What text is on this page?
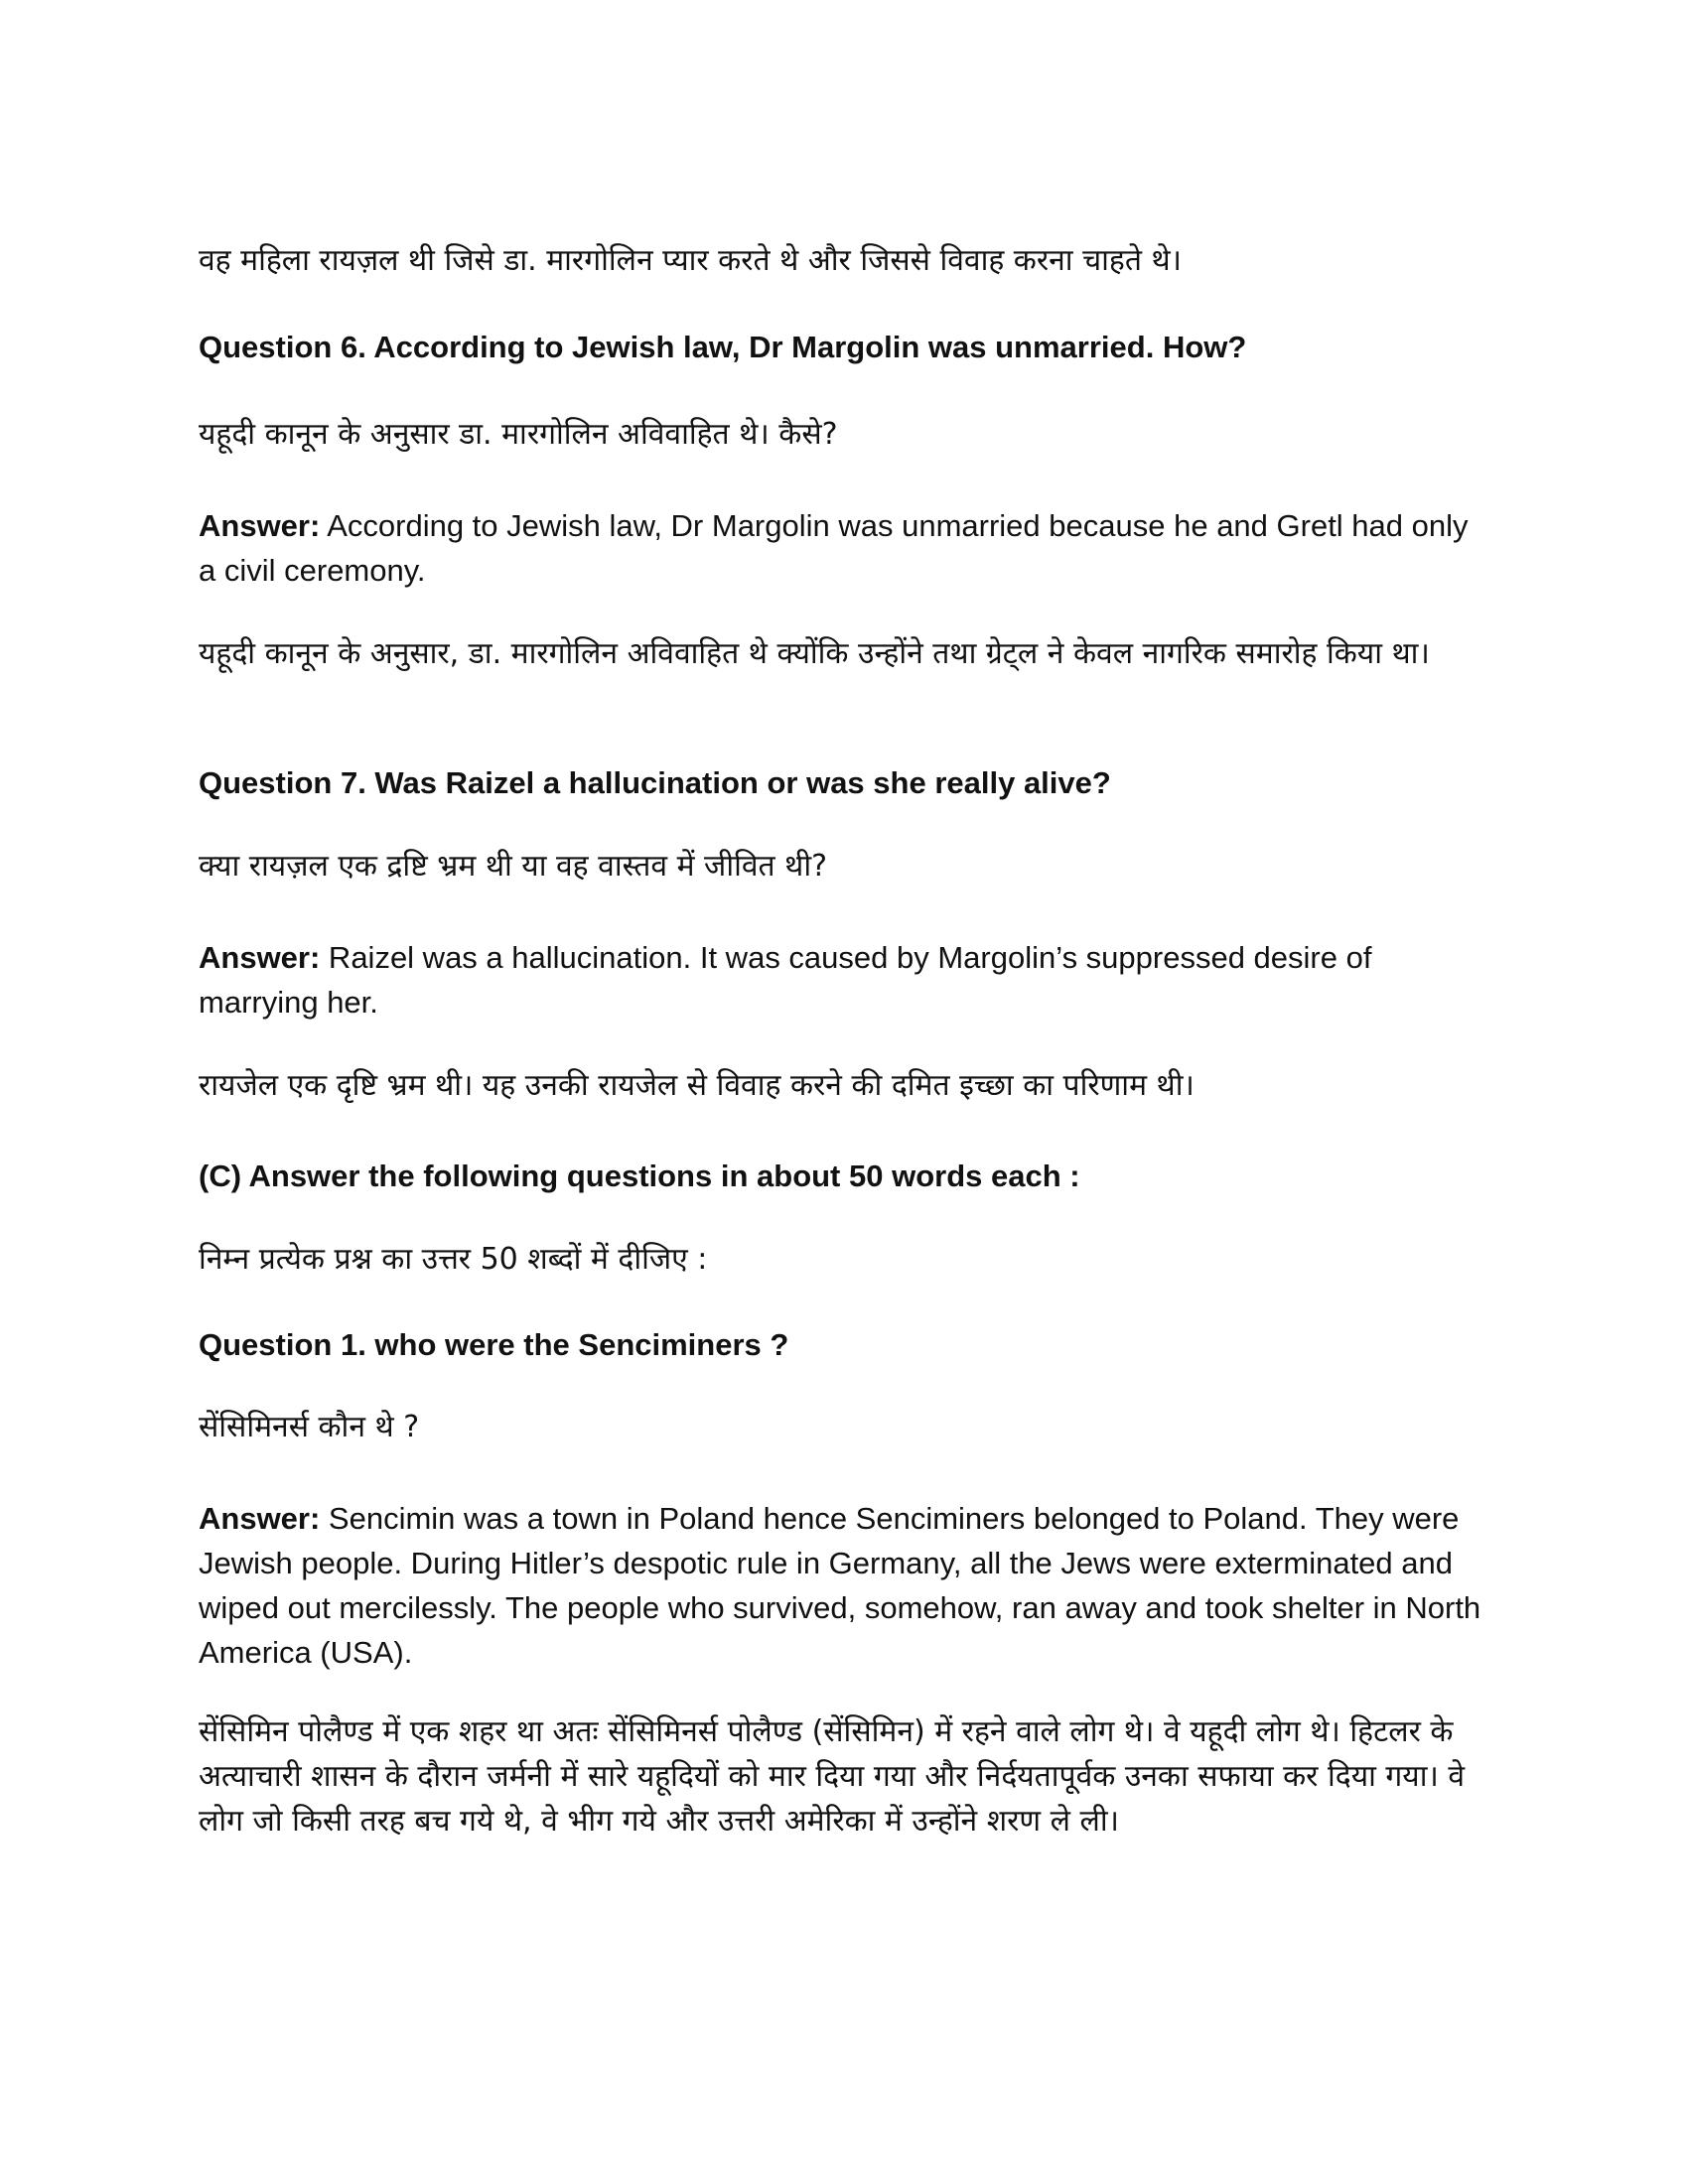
वह महिला रायज़ल थी जिसे डा. मारगोलिन प्यार करते थे और जिससे विवाह करना चाहते थे।

Question 6. According to Jewish law, Dr Margolin was unmarried. How?

यहूदी कानून के अनुसार डा. मारगोलिन अविवाहित थे। कैसे?

Answer: According to Jewish law, Dr Margolin was unmarried because he and Gretl had only a civil ceremony.

यहूदी कानून के अनुसार, डा. मारगोलिन अविवाहित थे क्योंकि उन्होंने तथा ग्रेट्ल ने केवल नागरिक समारोह किया था।

Question 7. Was Raizel a hallucination or was she really alive?

क्या रायज़ल एक द्रष्टि भ्रम थी या वह वास्तव में जीवित थी?

Answer: Raizel was a hallucination. It was caused by Margolin’s suppressed desire of marrying her.

रायजेल एक दृष्टि भ्रम थी। यह उनकी रायजेल से विवाह करने की दमित इच्छा का परिणाम थी।

(C) Answer the following questions in about 50 words each :

निम्न प्रत्येक प्रश्न का उत्तर 50 शब्दों में दीजिए :

Question 1. who were the Senciminers ?

सेंसिमिनर्स कौन थे ?

Answer: Sencimin was a town in Poland hence Senciminers belonged to Poland. They were Jewish people. During Hitler’s despotic rule in Germany, all the Jews were exterminated and wiped out mercilessly. The people who survived, somehow, ran away and took shelter in North America (USA).

सेंसिमिन पोलैण्ड में एक शहर था अतः सेंसिमिनर्स पोलैण्ड (सेंसिमिन) में रहने वाले लोग थे। वे यहूदी लोग थे। हिटलर के अत्याचारी शासन के दौरान जर्मनी में सारे यहूदियों को मार दिया गया और निर्दयतापूर्वक उनका सफाया कर दिया गया। वे लोग जो किसी तरह बच गये थे, वे भीग गये और उत्तरी अमेरिका में उन्होंने शरण ले ली।
